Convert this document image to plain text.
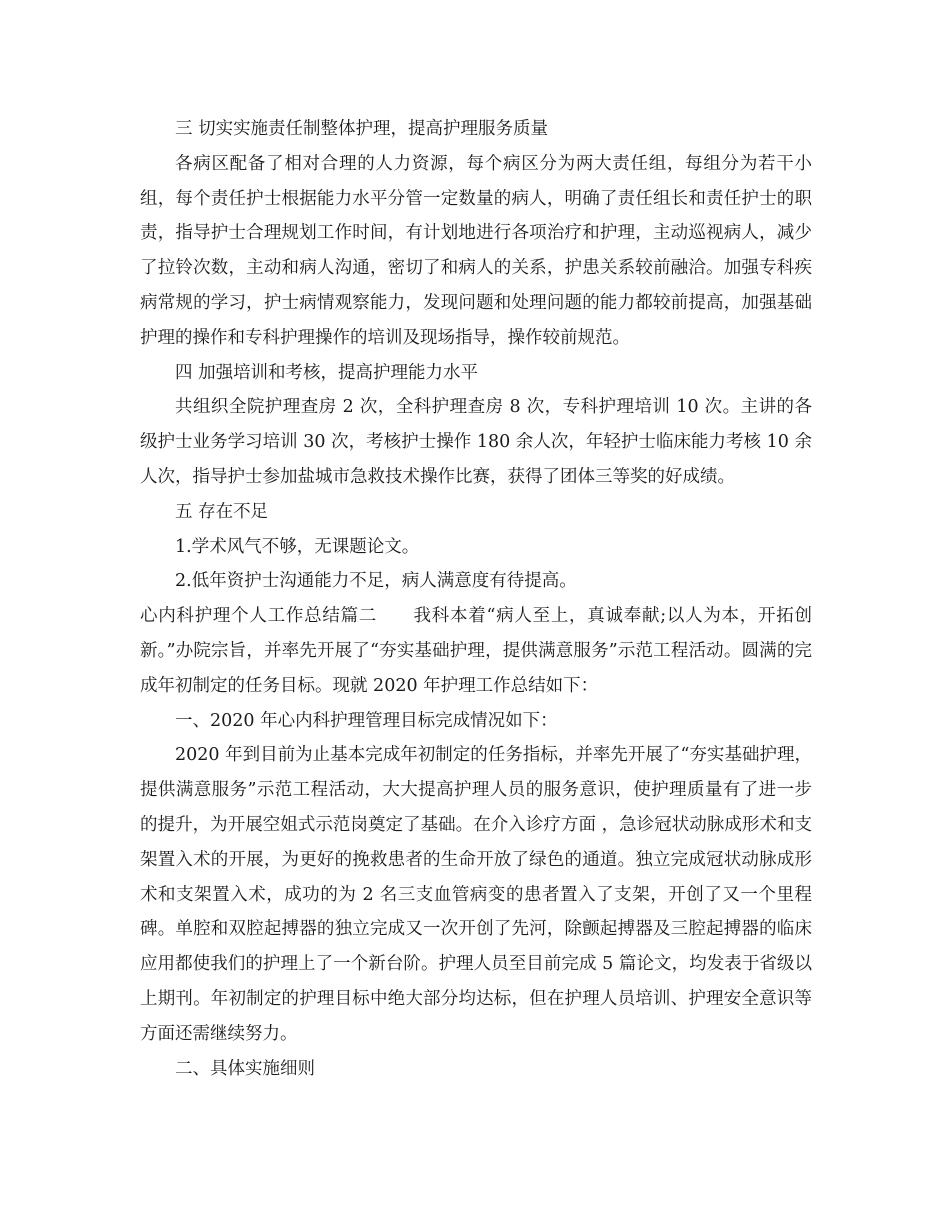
三 切实实施责任制整体护理，提高护理服务质量

各病区配备了相对合理的人力资源，每个病区分为两大责任组，每组分为若干小组，每个责任护士根据能力水平分管一定数量的病人，明确了责任组长和责任护士的职责，指导护士合理规划工作时间，有计划地进行各项治疗和护理，主动巡视病人，减少了拉铃次数，主动和病人沟通，密切了和病人的关系，护患关系较前融洽。加强专科疾病常规的学习，护士病情观察能力，发现问题和处理问题的能力都较前提高，加强基础护理的操作和专科护理操作的培训及现场指导，操作较前规范。

四 加强培训和考核，提高护理能力水平

共组织全院护理查房 2 次，全科护理查房 8 次，专科护理培训 10 次。主讲的各级护士业务学习培训 30 次，考核护士操作 180 余人次，年轻护士临床能力考核 10 余人次，指导护士参加盐城市急救技术操作比赛，获得了团体三等奖的好成绩。

五 存在不足

1.学术风气不够，无课题论文。

2.低年资护士沟通能力不足，病人满意度有待提高。

心内科护理个人工作总结篇二　　我科本着“病人至上，真诚奉献;以人为本，开拓创新。”办院宗旨，并率先开展了“夯实基础护理，提供满意服务”示范工程活动。圆满的完成年初制定的任务目标。现就 2020 年护理工作总结如下：

一、2020 年心内科护理管理目标完成情况如下：

2020 年到目前为止基本完成年初制定的任务指标，并率先开展了“夯实基础护理，提供满意服务”示范工程活动，大大提高护理人员的服务意识，使护理质量有了进一步的提升，为开展空姐式示范岗奠定了基础。在介入诊疗方面 ，急诊冠状动脉成形术和支架置入术的开展，为更好的挽救患者的生命开放了绿色的通道。独立完成冠状动脉成形术和支架置入术，成功的为 2 名三支血管病变的患者置入了支架，开创了又一个里程碑。单腔和双腔起搏器的独立完成又一次开创了先河，除颤起搏器及三腔起搏器的临床应用都使我们的护理上了一个新台阶。护理人员至目前完成 5 篇论文，均发表于省级以上期刊。年初制定的护理目标中绝大部分均达标，但在护理人员培训、护理安全意识等方面还需继续努力。

二、具体实施细则
